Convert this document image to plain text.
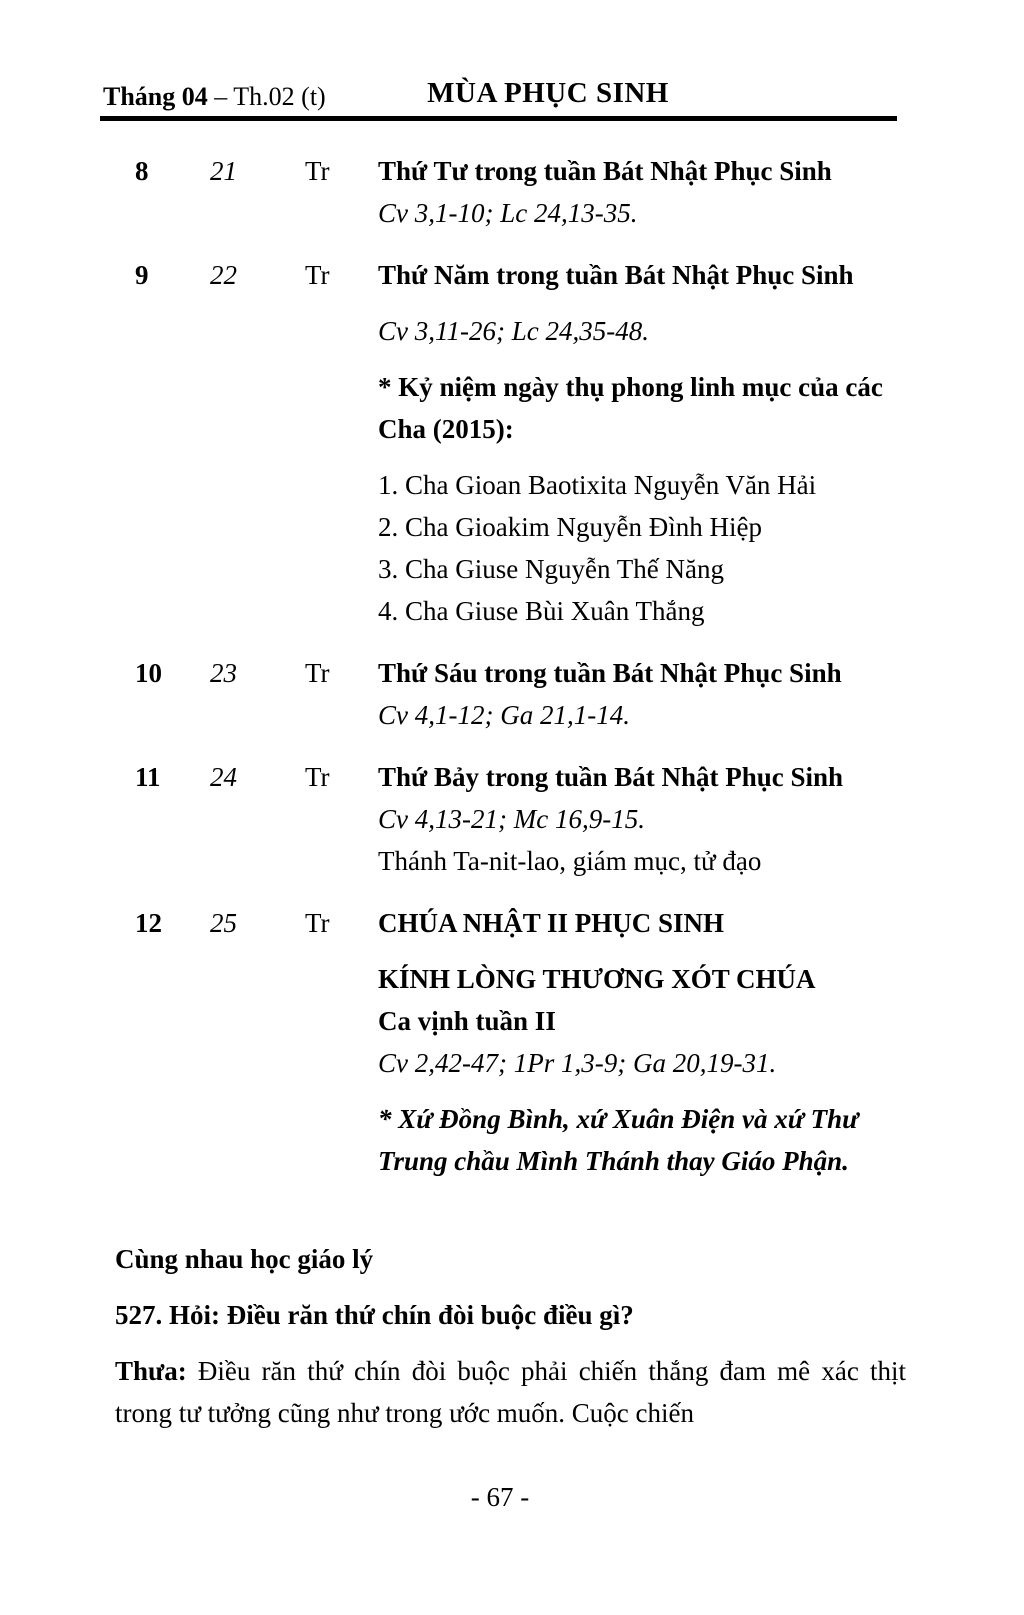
Tháng 04 – Th.02 (t)	MÙA PHỤC SINH
8	21	Tr	Thứ Tư trong tuần Bát Nhật Phục Sinh

Cv 3,1-10; Lc 24,13-35.

9	22	Tr	Thứ Năm trong tuần Bát Nhật Phục Sinh

Cv 3,11-26; Lc 24,35-48.

* Kỷ niệm ngày thụ phong linh mục của các Cha (2015):

1. Cha Gioan Baotixita Nguyễn Văn Hải

2. Cha Gioakim Nguyễn Đình Hiệp

3. Cha Giuse Nguyễn Thế Năng

4. Cha Giuse Bùi Xuân Thắng

10	23	Tr	Thứ Sáu trong tuần Bát Nhật Phục Sinh

Cv 4,1-12; Ga 21,1-14.

11	24	Tr	Thứ Bảy trong tuần Bát Nhật Phục Sinh

Cv 4,13-21; Mc 16,9-15.

Thánh Ta-nit-lao, giám mục, tử đạo

12	25	Tr	CHÚA NHẬT II PHỤC SINH

KÍNH LÒNG THƯƠNG XÓT CHÚA

Ca vịnh tuần II

Cv 2,42-47; 1Pr 1,3-9; Ga 20,19-31.

* Xứ Đồng Bình, xứ Xuân Điện và xứ Thư Trung chầu Mình Thánh thay Giáo Phận.

Cùng nhau học giáo lý

527. Hỏi: Điều răn thứ chín đòi buộc điều gì?

Thưa: Điều răn thứ chín đòi buộc phải chiến thắng đam mê xác thịt trong tư tưởng cũng như trong ước muốn. Cuộc chiến

- 67 -
